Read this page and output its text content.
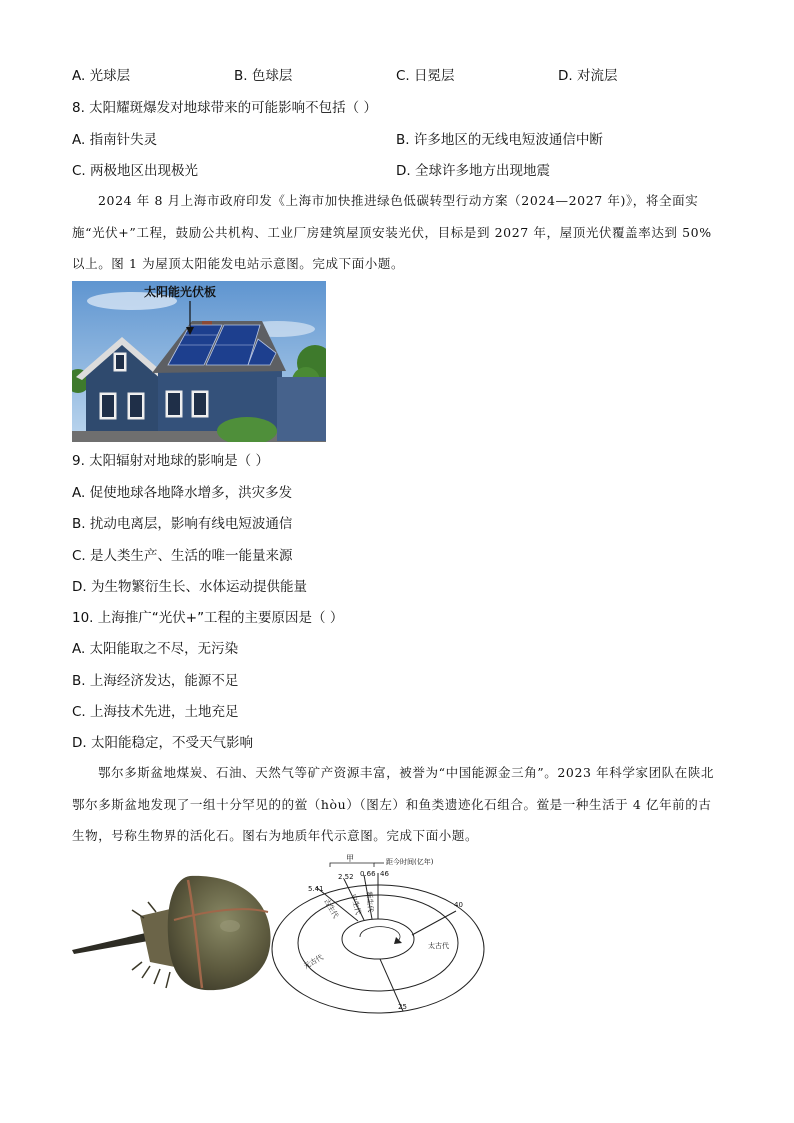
A. 光球层	B. 色球层	C. 日冕层	D. 对流层
8. 太阳耀斑爆发对地球带来的可能影响不包括（ ）
A. 指南针失灵	B. 许多地区的无线电短波通信中断
C. 两极地区出现极光	D. 全球许多地方出现地震
2024 年 8 月上海市政府印发《上海市加快推进绿色低碳转型行动方案（2024—2027 年)》，将全面实施“光伏+”工程，鼓励公共机构、工业厂房建筑屋顶安装光伏，目标是到 2027 年，屋顶光伏覆盖率达到 50%以上。图 1 为屋顶太阳能发电站示意图。完成下面小题。
太阳能光伏板
9. 太阳辐射对地球的影响是（ ）
A. 促使地球各地降水增多，洪灾多发
B. 扰动电离层，影响有线电短波通信
C. 是人类生产、生活的唯一能量来源
D. 为生物繁衍生长、水体运动提供能量
10. 上海推广“光伏+”工程的主要原因是（ ）
A. 太阳能取之不尽，无污染
B. 上海经济发达，能源不足
C. 上海技术先进，土地充足
D. 太阳能稳定，不受天气影响
鄂尔多斯盆地煤炭、石油、天然气等矿产资源丰富，被誉为“中国能源金三角”。2023 年科学家团队在陕北鄂尔多斯盆地发现了一组十分罕见的的鲎（hòu）（图左）和鱼类遗迹化石组合。鲎是一种生活于 4 亿年前的古生物，号称生物界的活化石。图右为地质年代示意图。完成下面小题。
甲	距今时间(亿年)
5.41
2.52 0.66 46
40
25
古生代 中生代 新生代
太古代
元古代
